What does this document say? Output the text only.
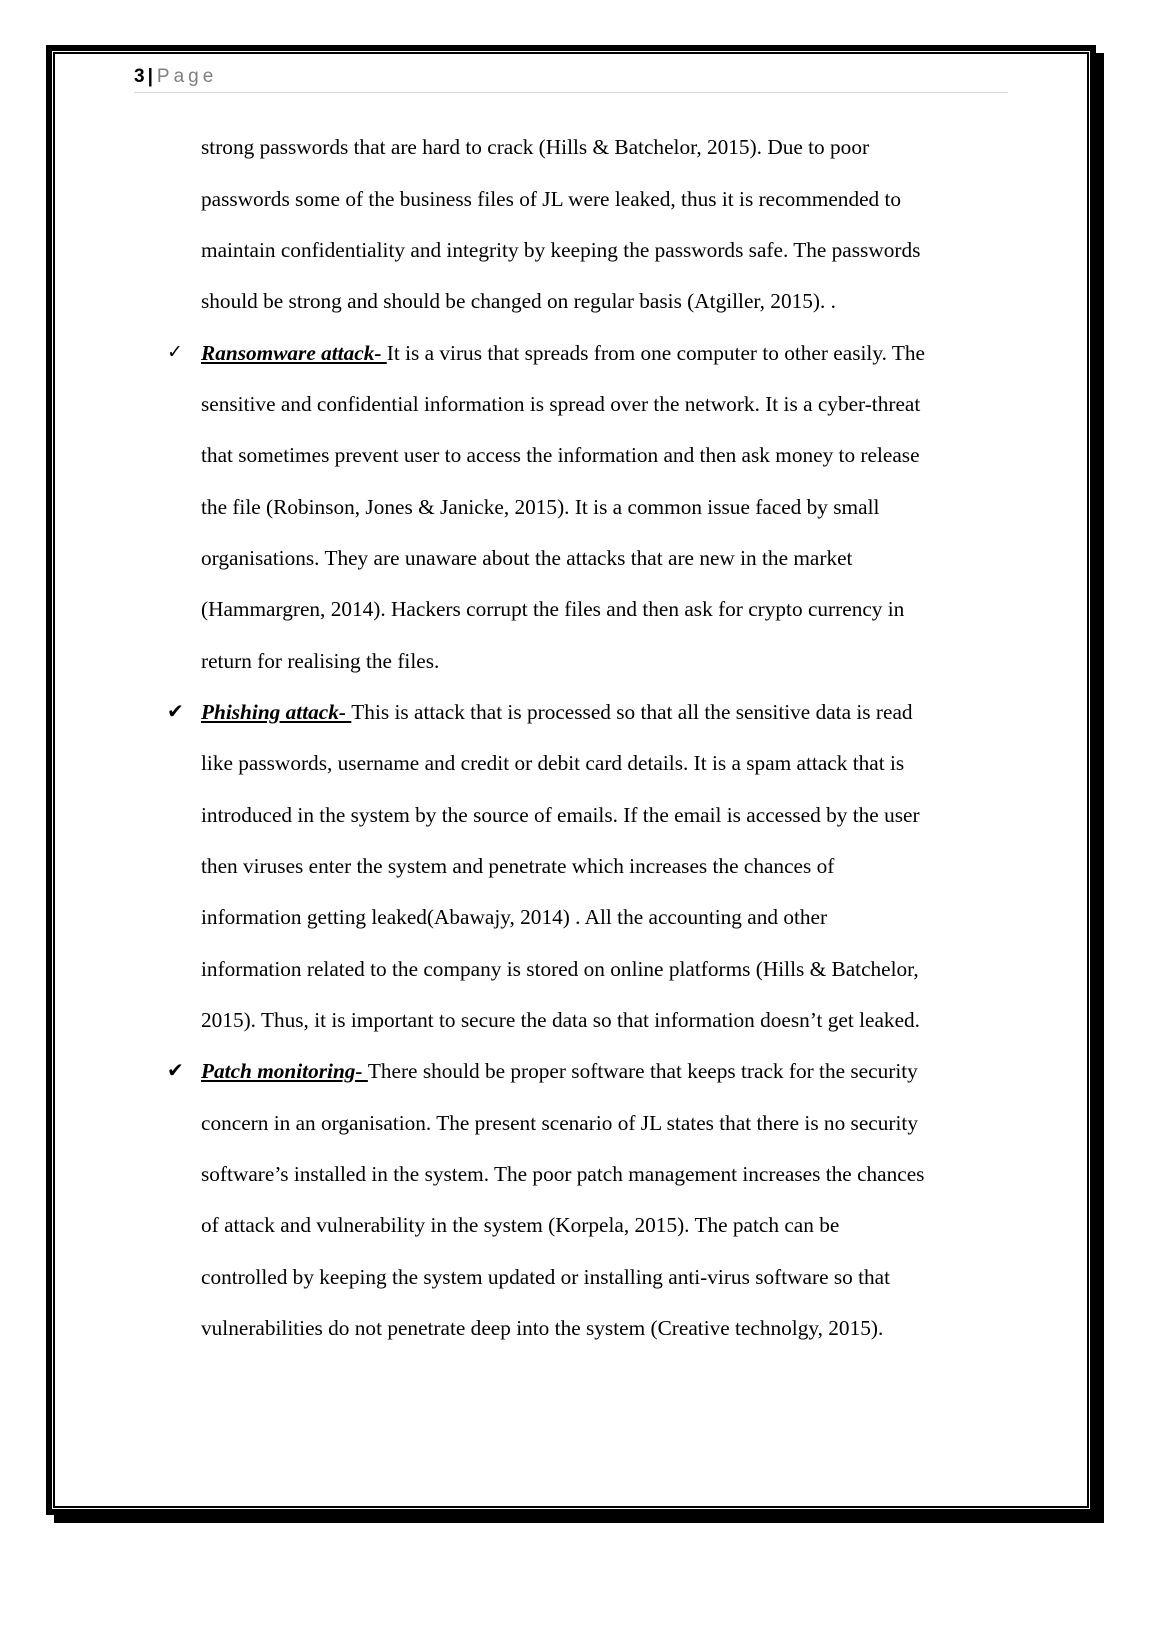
3 | Page
strong passwords that are hard to crack (Hills & Batchelor, 2015). Due to poor
passwords some of the business files of JL were leaked, thus it is recommended to
maintain confidentiality and integrity by keeping the passwords safe. The passwords
should be strong and should be changed on regular basis (Atgiller, 2015). .
✓ Ransomware attack- It is a virus that spreads from one computer to other easily. The
sensitive and confidential information is spread over the network. It is a cyber-threat
that sometimes prevent user to access the information and then ask money to release
the file (Robinson, Jones & Janicke, 2015). It is a common issue faced by small
organisations. They are unaware about the attacks that are new in the market
(Hammargren, 2014). Hackers corrupt the files and then ask for crypto currency in
return for realising the files.
✔ Phishing attack- This is attack that is processed so that all the sensitive data is read
like passwords, username and credit or debit card details. It is a spam attack that is
introduced in the system by the source of emails. If the email is accessed by the user
then viruses enter the system and penetrate which increases the chances of
information getting leaked(Abawajy, 2014) . All the accounting and other
information related to the company is stored on online platforms (Hills & Batchelor,
2015). Thus, it is important to secure the data so that information doesn’t get leaked.
✔ Patch monitoring- There should be proper software that keeps track for the security
concern in an organisation. The present scenario of JL states that there is no security
software’s installed in the system. The poor patch management increases the chances
of attack and vulnerability in the system (Korpela, 2015). The patch can be
controlled by keeping the system updated or installing anti-virus software so that
vulnerabilities do not penetrate deep into the system (Creative technolgy, 2015).
